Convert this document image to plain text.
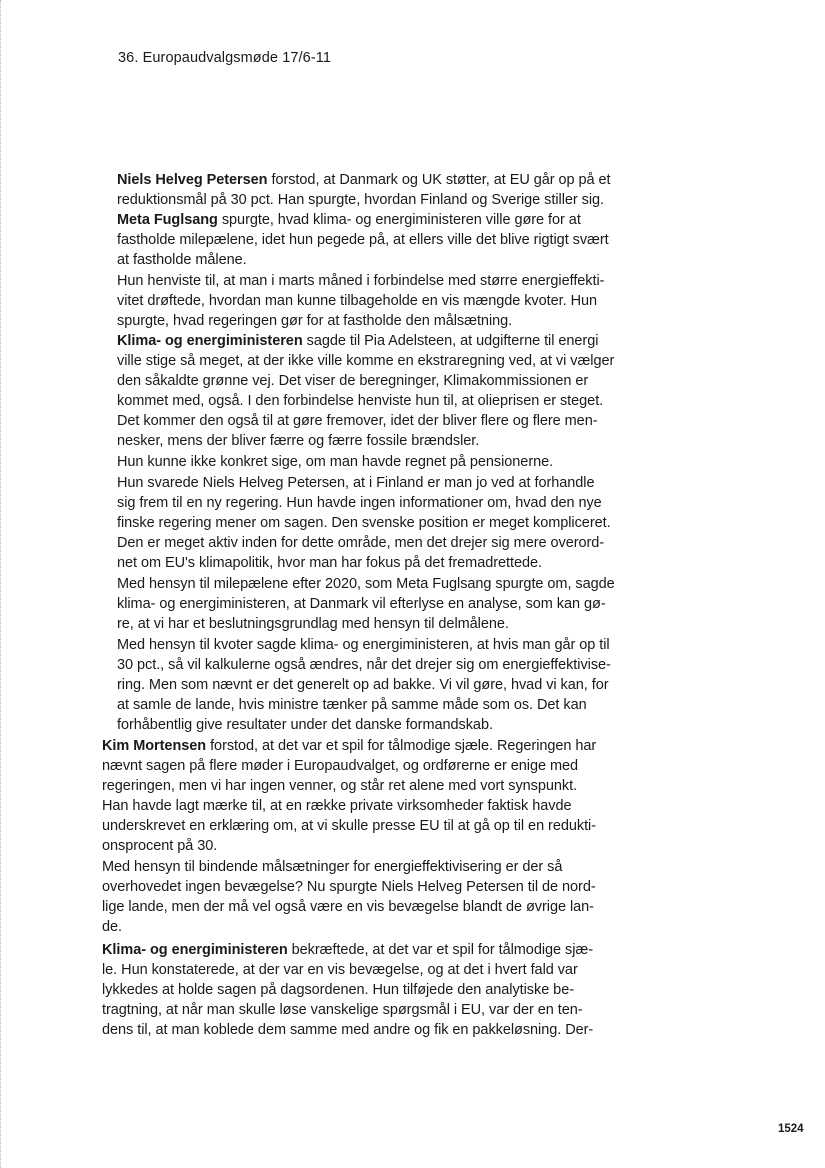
36. Europaudvalgsmøde 17/6-11
Niels Helveg Petersen forstod, at Danmark og UK støtter, at EU går op på et
reduktionsmål på 30 pct. Han spurgte, hvordan Finland og Sverige stiller sig.
Meta Fuglsang spurgte, hvad klima- og energiministeren ville gøre for at
fastholde milepælene, idet hun pegede på, at ellers ville det blive rigtigt svært
at fastholde målene.
Hun henviste til, at man i marts måned i forbindelse med større energieffekti-
vitet drøftede, hvordan man kunne tilbageholde en vis mængde kvoter. Hun
spurgte, hvad regeringen gør for at fastholde den målsætning.
Klima- og energiministeren sagde til Pia Adelsteen, at udgifterne til energi
ville stige så meget, at der ikke ville komme en ekstraregning ved, at vi vælger
den såkaldte grønne vej. Det viser de beregninger, Klimakommissionen er
kommet med, også. I den forbindelse henviste hun til, at olieprisen er steget.
Det kommer den også til at gøre fremover, idet der bliver flere og flere men-
nesker, mens der bliver færre og færre fossile brændsler.
Hun kunne ikke konkret sige, om man havde regnet på pensionerne.
Hun svarede Niels Helveg Petersen, at i Finland er man jo ved at forhandle
sig frem til en ny regering. Hun havde ingen informationer om, hvad den nye
finske regering mener om sagen. Den svenske position er meget kompliceret.
Den er meget aktiv inden for dette område, men det drejer sig mere overord-
net om EU's klimapolitik, hvor man har fokus på det fremadrettede.
Med hensyn til milepælene efter 2020, som Meta Fuglsang spurgte om, sagde
klima- og energiministeren, at Danmark vil efterlyse en analyse, som kan gø-
re, at vi har et beslutningsgrundlag med hensyn til delmålene.
Med hensyn til kvoter sagde klima- og energiministeren, at hvis man går op til
30 pct., så vil kalkulerne også ændres, når det drejer sig om energieffektivise-
ring. Men som nævnt er det generelt op ad bakke. Vi vil gøre, hvad vi kan, for
at samle de lande, hvis ministre tænker på samme måde som os. Det kan
forhåbentlig give resultater under det danske formandskab.
Kim Mortensen forstod, at det var et spil for tålmodige sjæle. Regeringen har
nævnt sagen på flere møder i Europaudvalget, og ordførerne er enige med
regeringen, men vi har ingen venner, og står ret alene med vort synspunkt.
Han havde lagt mærke til, at en række private virksomheder faktisk havde
underskrevet en erklæring om, at vi skulle presse EU til at gå op til en redukti-
onsprocent på 30.
Med hensyn til bindende målsætninger for energieffektivisering er der så
overhovedet ingen bevægelse? Nu spurgte Niels Helveg Petersen til de nord-
lige lande, men der må vel også være en vis bevægelse blandt de øvrige lan-
de.
Klima- og energiministeren bekræftede, at det var et spil for tålmodige sjæ-
le. Hun konstaterede, at der var en vis bevægelse, og at det i hvert fald var
lykkedes at holde sagen på dagsordenen. Hun tilføjede den analytiske be-
tragtning, at når man skulle løse vanskelige spørgsmål i EU, var der en ten-
dens til, at man koblede dem samme med andre og fik en pakkeløsning. Der-
1524
